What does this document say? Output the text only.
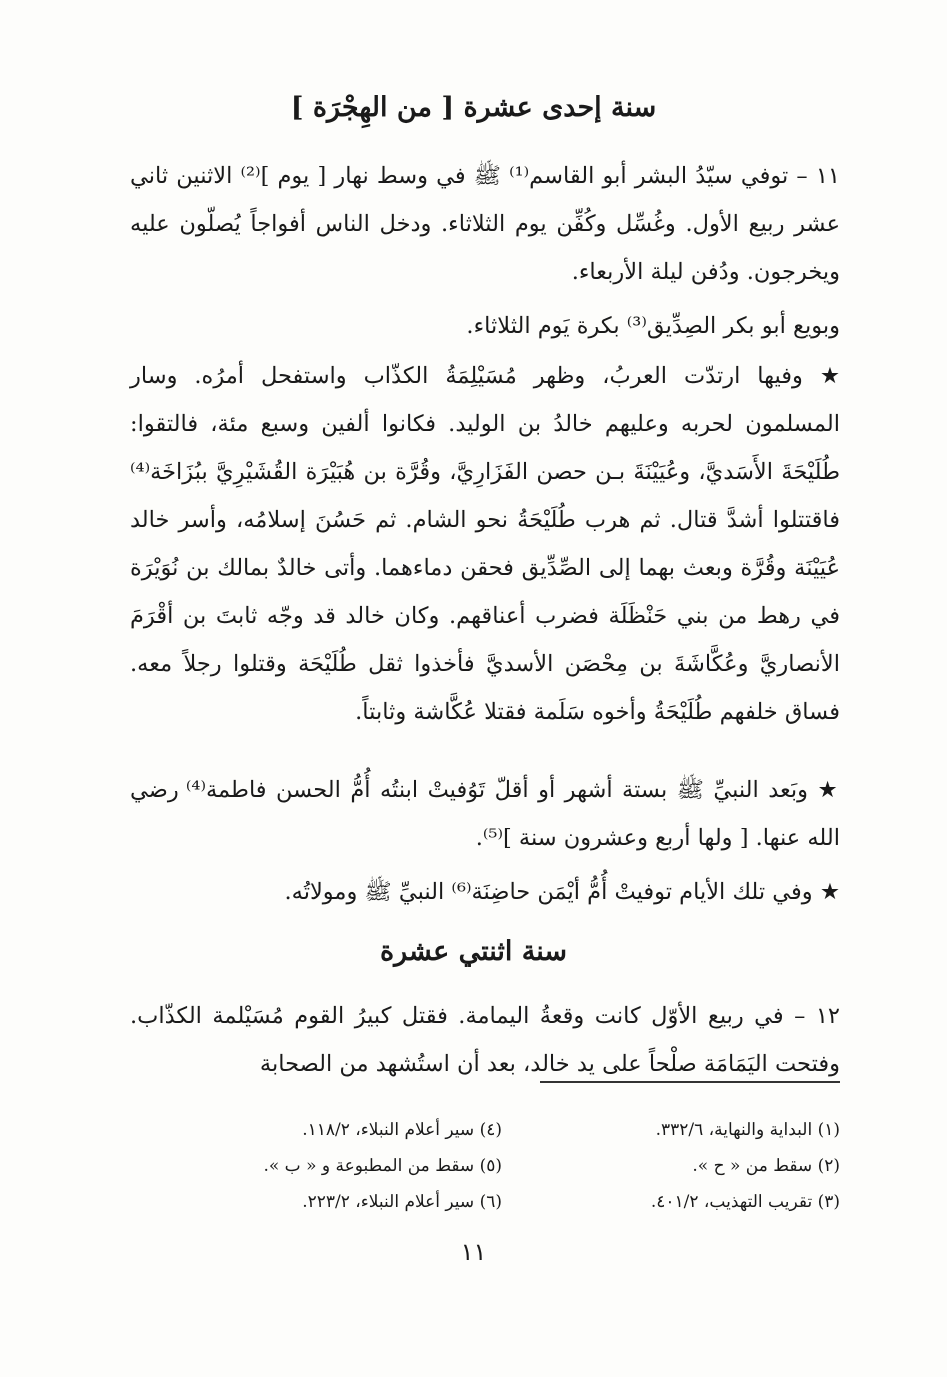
سنة إحدى عشرة [ من الهِجْرَة ]
١١ – توفي سيّدُ البشر أبو القاسم⁽¹⁾ ﷺ في وسط نهار [ يوم ]⁽²⁾ الاثنين ثاني عشر ربيع الأول. وغُسِّل وكُفِّن يوم الثلاثاء. ودخل الناس أفواجاً يُصلّون عليه ويخرجون. ودُفن ليلة الأربعاء.
وبويع أبو بكر الصِدِّيق⁽³⁾ بكرة يَوم الثلاثاء.
★ وفيها ارتدّت العربُ، وظهر مُسَيْلِمَةُ الكذّاب واستفحل أمرُه. وسار المسلمون لحربه وعليهم خالدُ بن الوليد. فكانوا ألفين وسبع مئة، فالتقوا: طُلَيْحَةَ الأَسَديَّ، وعُيَيْنَةَ بـن حصن الفَزَارِيَّ، وقُرَّة بن هُبَيْرَة القُشَيْرِيَّ ببُزَاخَة⁽⁴⁾ فاقتتلوا أشدَّ قتال. ثم هرب طُلَيْحَةُ نحو الشام. ثم حَسُنَ إسلامُه، وأسر خالد عُيَيْنَة وقُرَّة وبعث بهما إلى الصِّدِّيق فحقن دماءهما. وأتى خالدٌ بمالك بن نُوَيْرَة في رهط من بني حَنْظَلَة فضرب أعناقهم. وكان خالد قد وجّه ثابتَ بن أقْرَمَ الأنصاريَّ وعُكَّاشَةَ بن مِحْصَن الأسديَّ فأخذوا ثقل طُلَيْحَة وقتلوا رجلاً معه. فساق خلفهم طُلَيْحَةُ وأخوه سَلَمة فقتلا عُكَّاشة وثابتاً.
★ وبَعد النبيِّ ﷺ بستة أشهر أو أقلّ تَوُفيتْ ابنتُه أُمُّ الحسن فاطمة⁽⁴⁾ رضي الله عنها. [ ولها أربع وعشرون سنة ]⁽⁵⁾.
★ وفي تلك الأيام توفيتْ أُمُّ أيْمَن حاضِنَة⁽⁶⁾ النبيِّ ﷺ ومولاتُه.
سنة اثنتي عشرة
١٢ – في ربيع الأوّل كانت وقعةُ اليمامة. فقتل كبيرُ القوم مُسَيْلمة الكذّاب. وفتحت اليَمَامَة صلْحاً على يد خالد، بعد أن استُشهد من الصحابة
(١) البداية والنهاية، ٣٣٢/٦.
(٢) سقط من « ح ».
(٣) تقريب التهذيب، ٤٠١/٢.
(٤) سير أعلام النبلاء، ١١٨/٢.
(٥) سقط من المطبوعة و « ب ».
(٦) سير أعلام النبلاء، ٢٢٣/٢.
١١
